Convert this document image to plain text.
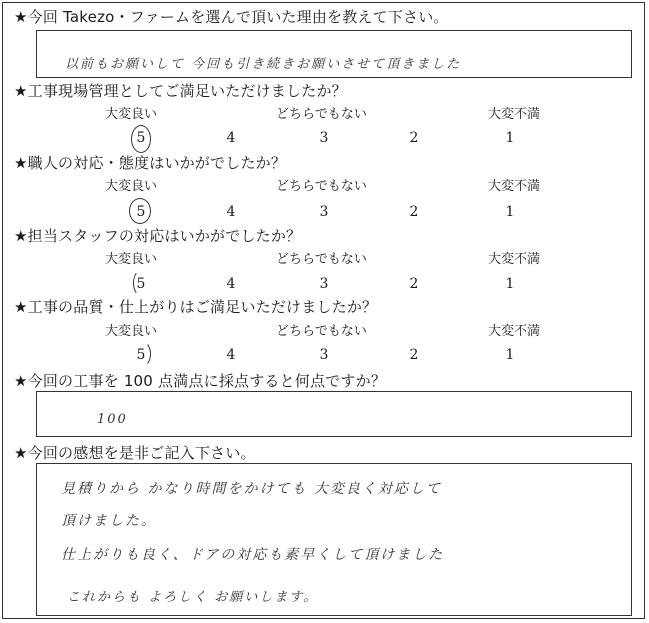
★今回 Takezo・ファームを選んで頂いた理由を教えて下さい。
以前もお願いして 今回も引き続きお願いさせて頂きました
★工事現場管理としてご満足いただけましたか？
大変良い	どちらでもない	大変不満
5	4	3	2	1
★職人の対応・態度はいかがでしたか？
大変良い	どちらでもない	大変不満
5	4	3	2	1
★担当スタッフの対応はいかがでしたか？
大変良い	どちらでもない	大変不満
5	4	3	2	1
★工事の品質・仕上がりはご満足いただけましたか？
大変良い	どちらでもない	大変不満
5	4	3	2	1
★今回の工事を 100 点満点に採点すると何点ですか？
100
★今回の感想を是非ご記入下さい。
見積りから かなり時間をかけても 大変良く対応して
頂けました。
仕上がりも良く、ドアの対応も素早くして頂けました
これからも よろしく お願いします。
